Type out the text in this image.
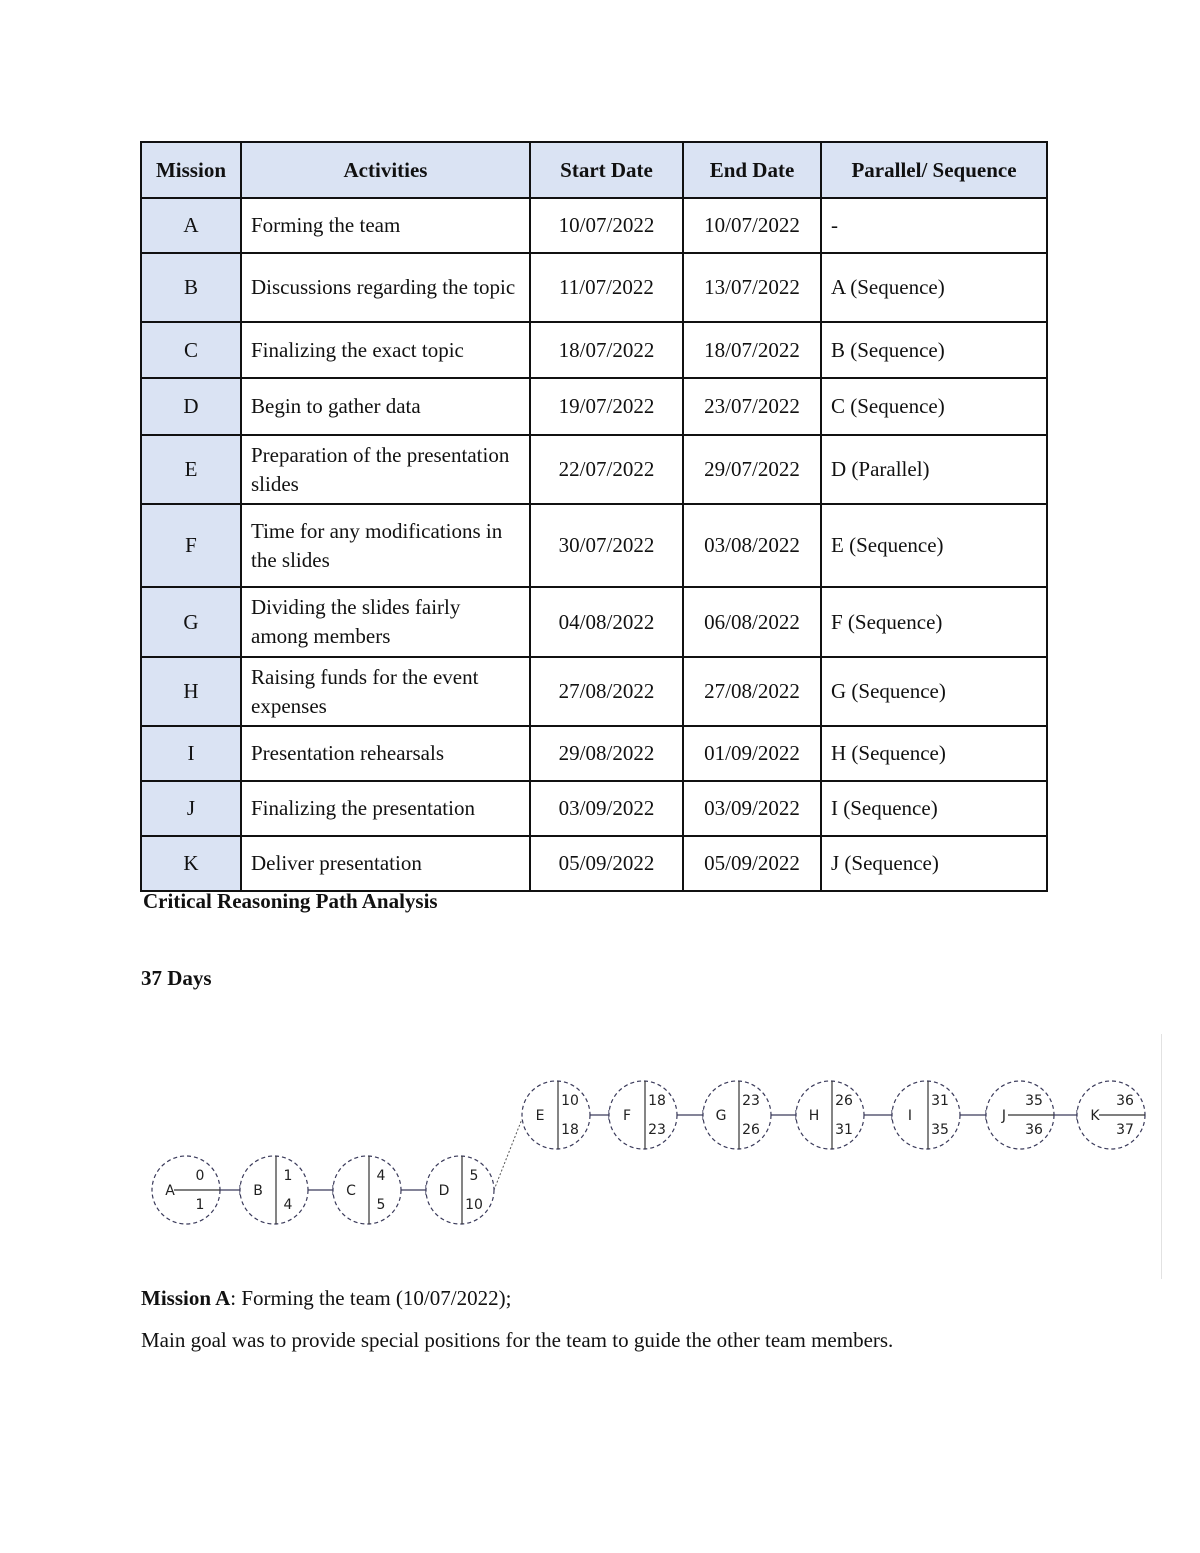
Mission	Activities	Start Date	End Date	Parallel/ Sequence
A	Forming the team	10/07/2022	10/07/2022	-
B	Discussions regarding the topic	11/07/2022	13/07/2022	A (Sequence)
C	Finalizing the exact topic	18/07/2022	18/07/2022	B (Sequence)
D	Begin to gather data	19/07/2022	23/07/2022	C (Sequence)
E	Preparation of the presentation slides	22/07/2022	29/07/2022	D (Parallel)
F	Time for any modifications in the slides	30/07/2022	03/08/2022	E (Sequence)
G	Dividing the slides fairly among members	04/08/2022	06/08/2022	F (Sequence)
H	Raising funds for the event expenses	27/08/2022	27/08/2022	G (Sequence)
I	Presentation rehearsals	29/08/2022	01/09/2022	H (Sequence)
J	Finalizing the presentation	03/09/2022	03/09/2022	I (Sequence)
K	Deliver presentation	05/09/2022	05/09/2022	J (Sequence)

Critical Reasoning Path Analysis

37 Days

A
0
1
B
1
4
C
4
5
D
5
10
E
10
18
F
18
23
G
23
26
H
26
31
I
31
35
J
35
36
K
36
37

Mission A: Forming the team (10/07/2022);

Main goal was to provide special positions for the team to guide the other team members.
